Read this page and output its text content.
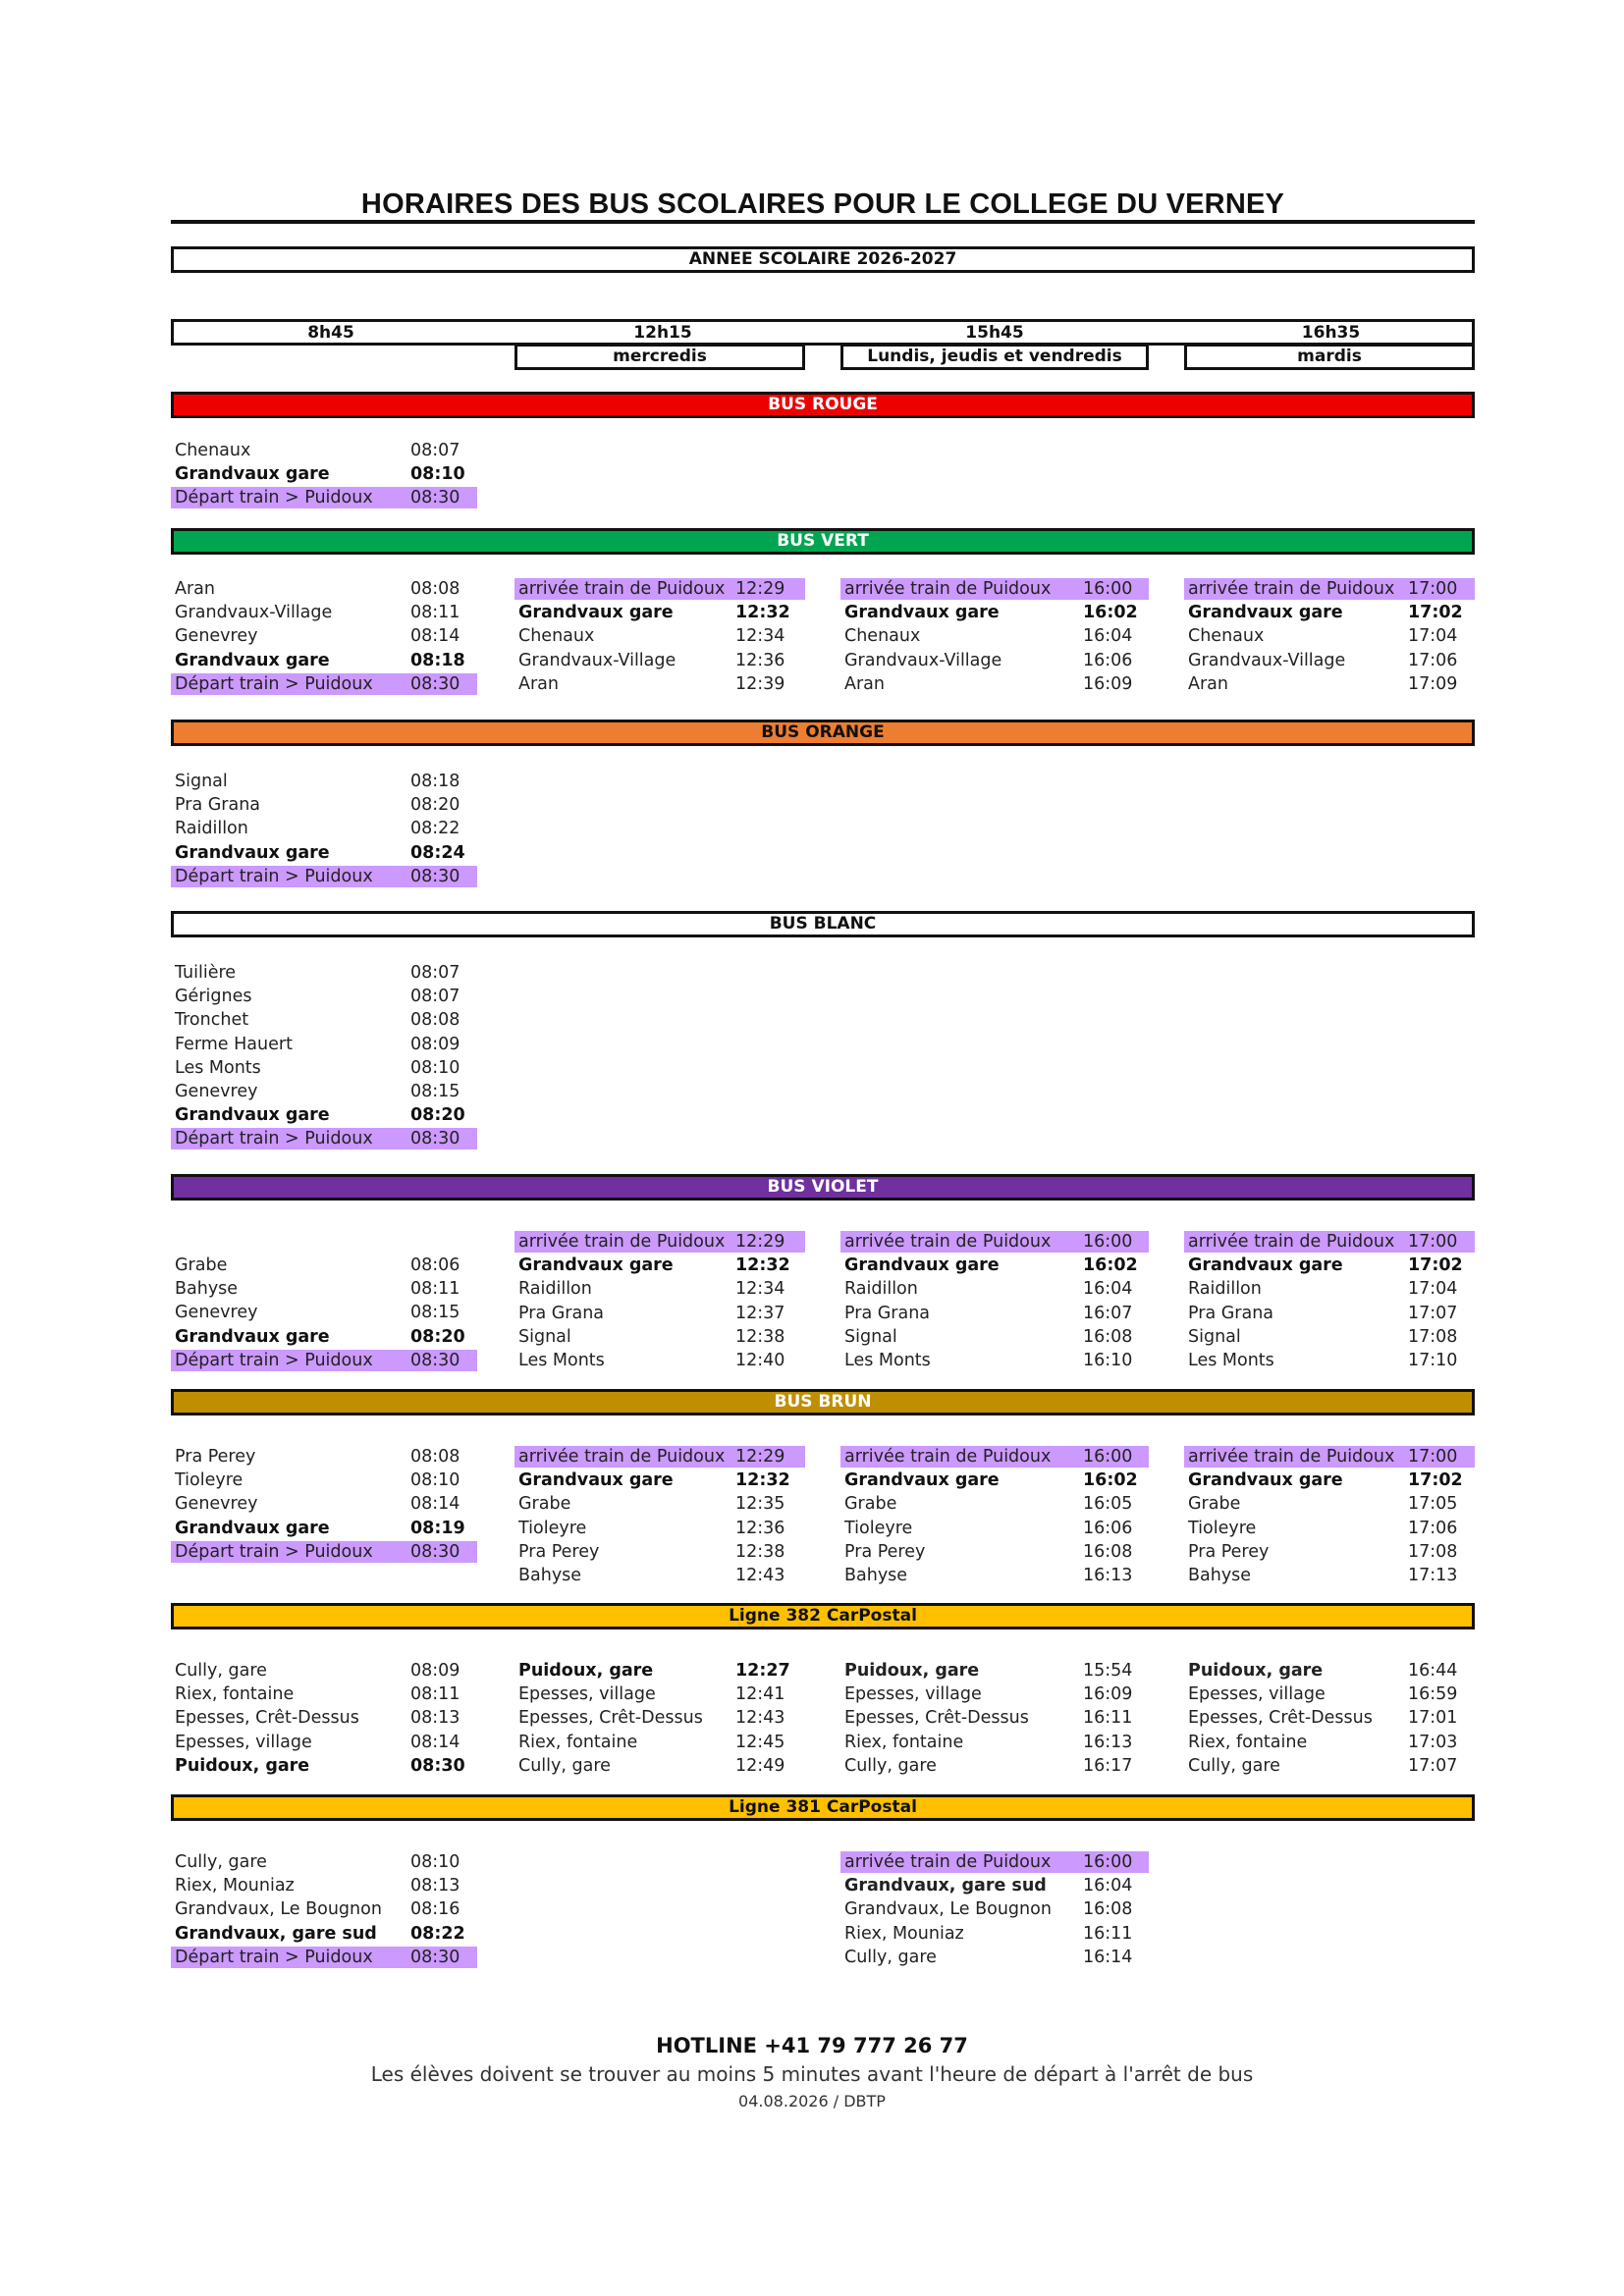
HORAIRES DES BUS SCOLAIRES POUR LE COLLEGE DU VERNEY
ANNEE SCOLAIRE 2026-2027
8h45	12h15	15h45	16h35
mercredis	Lundis, jeudis et vendredis	mardis
BUS ROUGE
BUS VERT
BUS ORANGE
BUS BLANC
BUS VIOLET
BUS BRUN
Ligne 382 CarPostal
Ligne 381 CarPostal
Chenaux	08:07
Grandvaux gare	08:10
Départ train > Puidoux 08:30
Aran	08:08
Grandvaux-Village	08:11
Genevrey	08:14
Grandvaux gare	08:18
Départ train > Puidoux 08:30
arrivée train de Puidoux 12:29
Grandvaux gare	12:32
Chenaux	12:34
Grandvaux-Village	12:36
Aran	12:39
arrivée train de Puidoux 16:00
Grandvaux gare	16:02
Chenaux	16:04
Grandvaux-Village	16:06
Aran	16:09
arrivée train de Puidoux 17:00
Grandvaux gare	17:02
Chenaux	17:04
Grandvaux-Village	17:06
Aran	17:09
Signal	08:18
Pra Grana	08:20
Raidillon	08:22
Grandvaux gare	08:24
Départ train > Puidoux 08:30
Tuilière	08:07
Gérignes	08:07
Tronchet	08:08
Ferme Hauert	08:09
Les Monts	08:10
Genevrey	08:15
Grandvaux gare	08:20
Départ train > Puidoux 08:30
Grabe	08:06
Bahyse	08:11
Genevrey	08:15
Grandvaux gare	08:20
Départ train > Puidoux 08:30
arrivée train de Puidoux 12:29
Grandvaux gare	12:32
Raidillon	12:34
Pra Grana	12:37
Signal	12:38
Les Monts	12:40
arrivée train de Puidoux 16:00
Grandvaux gare	16:02
Raidillon	16:04
Pra Grana	16:07
Signal	16:08
Les Monts	16:10
arrivée train de Puidoux 17:00
Grandvaux gare	17:02
Raidillon	17:04
Pra Grana	17:07
Signal	17:08
Les Monts	17:10
Pra Perey	08:08
Tioleyre	08:10
Genevrey	08:14
Grandvaux gare	08:19
Départ train > Puidoux 08:30
arrivée train de Puidoux 12:29
Grandvaux gare	12:32
Grabe	12:35
Tioleyre	12:36
Pra Perey	12:38
Bahyse	12:43
arrivée train de Puidoux 16:00
Grandvaux gare	16:02
Grabe	16:05
Tioleyre	16:06
Pra Perey	16:08
Bahyse	16:13
arrivée train de Puidoux 17:00
Grandvaux gare	17:02
Grabe	17:05
Tioleyre	17:06
Pra Perey	17:08
Bahyse	17:13
Cully, gare	08:09
Riex, fontaine	08:11
Epesses, Crêt-Dessus	08:13
Epesses, village	08:14
Puidoux, gare	08:30
Puidoux, gare	12:27
Epesses, village	12:41
Epesses, Crêt-Dessus 12:43
Riex, fontaine	12:45
Cully, gare	12:49
Puidoux, gare	15:54
Epesses, village	16:09
Epesses, Crêt-Dessus	16:11
Riex, fontaine	16:13
Cully, gare	16:17
Puidoux, gare	16:44
Epesses, village	16:59
Epesses, Crêt-Dessus 17:01
Riex, fontaine	17:03
Cully, gare	17:07
Cully, gare	08:10
Riex, Mouniaz	08:13
Grandvaux, Le Bougnon 08:16
Grandvaux, gare sud 08:22
Départ train > Puidoux 08:30
arrivée train de Puidoux 16:00
Grandvaux, gare sud 16:04
Grandvaux, Le Bougnon 16:08
Riex, Mouniaz	16:11
Cully, gare	16:14
HOTLINE +41 79 777 26 77
Les élèves doivent se trouver au moins 5 minutes avant l'heure de départ à l'arrêt de bus
04.08.2026 / DBTP
